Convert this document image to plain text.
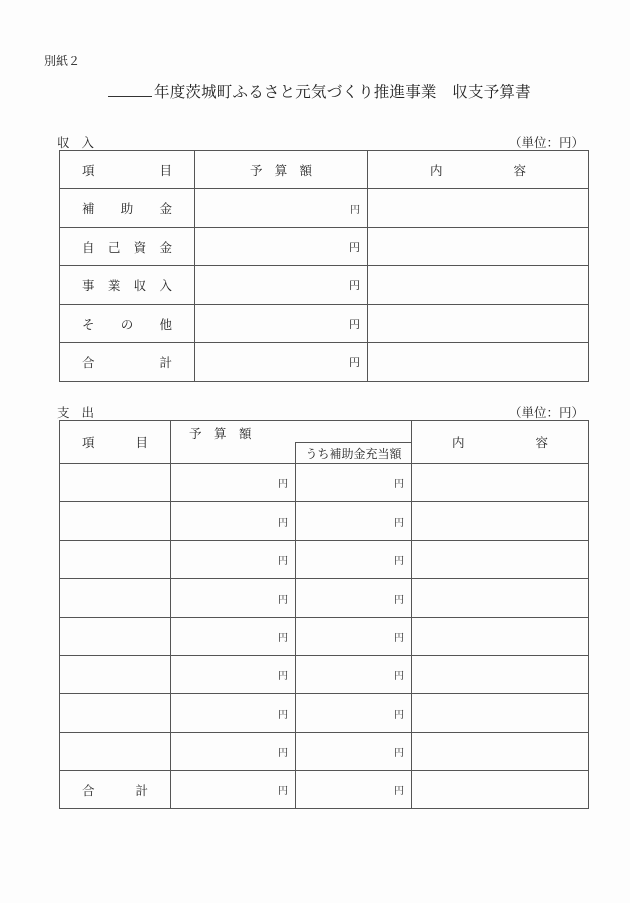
別紙２
年度茨城町ふるさと元気づくり推進事業　収支予算書
収入	（単位：円）
項 目	予 算 額	内 容

補 助 金	円	

自 己 資 金	円	

事 業 収 入	円	

そ の 他	円	

合 計	円	
支出	（単位：円）
項 目	予　算　額		内 容

		うち補助金充当額	
	円	円	
	円	円	
	円	円	
	円	円	
	円	円	
	円	円	
	円	円	
	円	円	

合 計	円	円	
